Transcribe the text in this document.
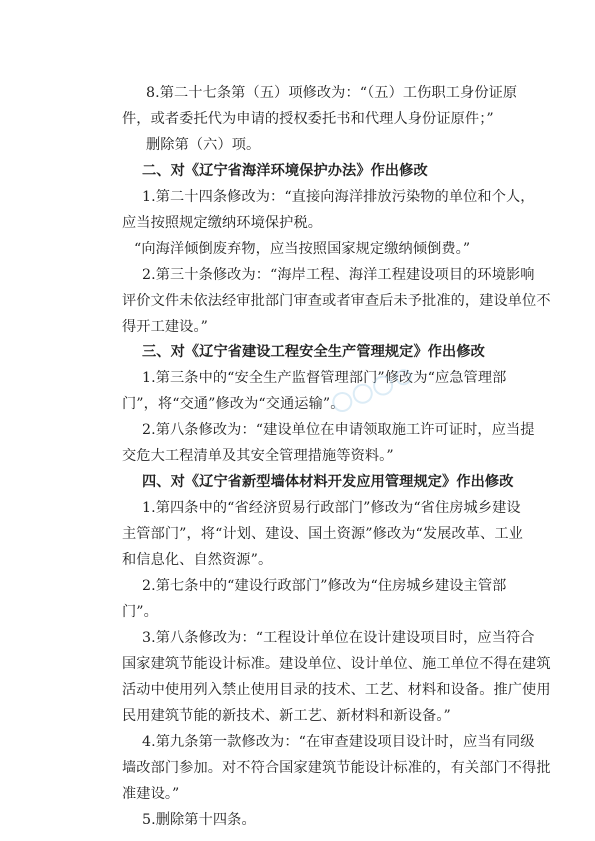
8.第二十七条第（五）项修改为：“（五）工伤职工身份证原
件，或者委托代为申请的授权委托书和代理人身份证原件；”
删除第（六）项。
二、对《辽宁省海洋环境保护办法》作出修改
1.第二十四条修改为：“直接向海洋排放污染物的单位和个人，
应当按照规定缴纳环境保护税。
“向海洋倾倒废弃物，应当按照国家规定缴纳倾倒费。”
2.第三十条修改为：“海岸工程、海洋工程建设项目的环境影响
评价文件未依法经审批部门审查或者审查后未予批准的，建设单位不
得开工建设。”
三、对《辽宁省建设工程安全生产管理规定》作出修改
1.第三条中的“安全生产监督管理部门”修改为“应急管理部
门”，将“交通”修改为“交通运输”。
2.第八条修改为：“建设单位在申请领取施工许可证时，应当提
交危大工程清单及其安全管理措施等资料。”
四、对《辽宁省新型墙体材料开发应用管理规定》作出修改
1.第四条中的“省经济贸易行政部门”修改为“省住房城乡建设
主管部门”，将“计划、建设、国土资源”修改为“发展改革、工业
和信息化、自然资源”。
2.第七条中的“建设行政部门”修改为“住房城乡建设主管部
门”。
3.第八条修改为：“工程设计单位在设计建设项目时，应当符合
国家建筑节能设计标准。建设单位、设计单位、施工单位不得在建筑
活动中使用列入禁止使用目录的技术、工艺、材料和设备。推广使用
民用建筑节能的新技术、新工艺、新材料和新设备。”
4.第九条第一款修改为：“在审查建设项目设计时，应当有同级
墙改部门参加。对不符合国家建筑节能设计标准的，有关部门不得批
准建设。”
5.删除第十四条。
